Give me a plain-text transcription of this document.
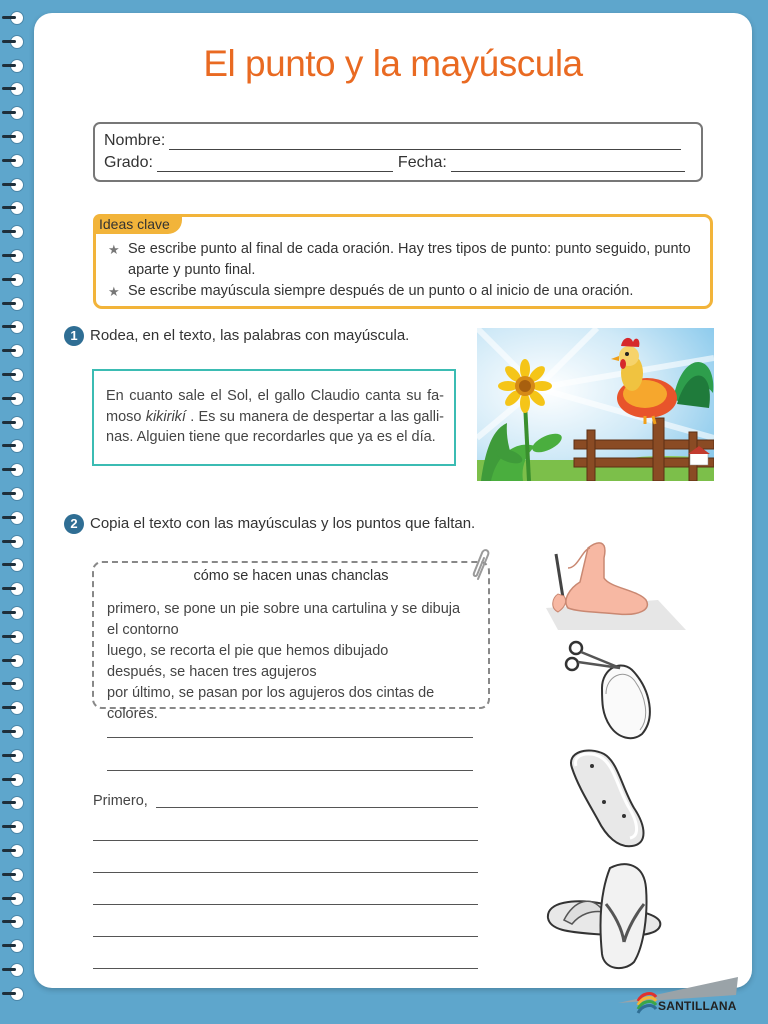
El punto y la mayúscula
Nombre:
Grado:	Fecha:
Ideas clave
★ Se escribe punto al final de cada oración. Hay tres tipos de punto: punto seguido, punto aparte y punto final.
★ Se escribe mayúscula siempre después de un punto o al inicio de una oración.
1 Rodea, en el texto, las palabras con mayúscula.
En cuanto sale el Sol, el gallo Claudio canta su fa-moso kikirikí . Es su manera de despertar a las galli-nas. Alguien tiene que recordarles que ya es el día.
2 Copia el texto con las mayúsculas y los puntos que faltan.
cómo se hacen unas chanclas
primero, se pone un pie sobre una cartulina y se dibuja
el contorno
luego, se recorta el pie que hemos dibujado
después, se hacen tres agujeros
por último, se pasan por los agujeros dos cintas de colores.
Primero,
SANTILLANA
